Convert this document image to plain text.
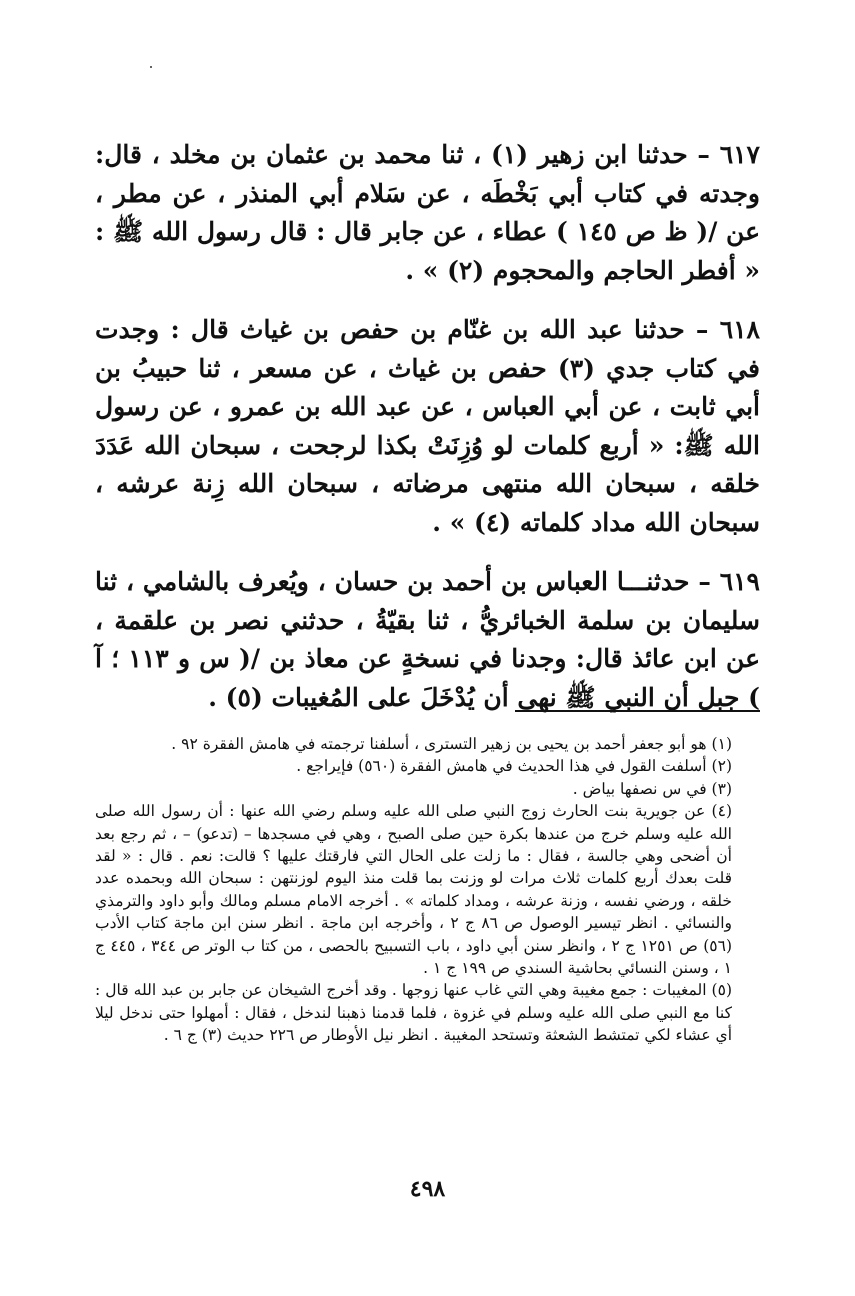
٦١٧ – حدثنا ابن زهير (١) ، ثنا محمد بن عثمان بن مخلد ، قال: وجدته في كتاب أبي بَخْطَه ، عن سَلام أبي المنذر ، عن مطر ، عن /( ظ ص ١٤٥ ) عطاء ، عن جابر قال : قال رسول الله ﷺ : « أفطر الحاجم والمحجوم (٢) » .

٦١٨ – حدثنا عبد الله بن غنّام بن حفص بن غياث قال : وجدت في كتاب جدي (٣) حفص بن غياث ، عن مسعر ، ثنا حبيبُ بن أبي ثابت ، عن أبي العباس ، عن عبد الله بن عمرو ، عن رسول الله ﷺ: « أربع كلمات لو وُزِنَتْ بكذا لرجحت ، سبحان الله عَدَدَ خلقه ، سبحان الله منتهى مرضاته ، سبحان الله زِنة عرشه ، سبحان الله مداد كلماته (٤) » .

٦١٩ – حدثنـــا العباس بن أحمد بن حسان ، ويُعرف بالشامي ، ثنا سليمان بن سلمة الخبائريُّ ، ثنا بقيّةُ ، حدثني نصر بن علقمة ، عن ابن عائذ قال: وجدنا في نسخةٍ عن معاذ بن /( س و ١١٣ ؛ آ ) جبل أن النبي ﷺ نهى أن يُدْخَلَ على المُغيبات (٥) .

(١) هو أبو جعفر أحمد بن يحيى بن زهير التسترى ، أسلفنا ترجمته في هامش الفقرة ٩٢ .

(٢) أسلفت القول في هذا الحديث في هامش الفقرة (٥٦٠) فإيراجع .

(٣) في س نصفها بياض .

(٤) عن جويرية بنت الحارث زوج النبي صلى الله عليه وسلم رضي الله عنها : أن رسول الله صلى الله عليه وسلم خرج من عندها بكرة حين صلى الصبح ، وهي في مسجدها – (تدعو) – ، ثم رجع بعد أن أضحى وهي جالسة ، فقال : ما زلت على الحال التي فارقتك عليها ؟ قالت: نعم . قال : « لقد قلت بعدك أربع كلمات ثلاث مرات لو وزنت بما قلت منذ اليوم لوزنتهن : سبحان الله وبحمده عدد خلقه ، ورضي نفسه ، وزنة عرشه ، ومداد كلماته » . أخرجه الامام مسلم ومالك وأبو داود والترمذي والنسائي . انظر تيسير الوصول ص ٨٦ ج ٢ ، وأخرجه ابن ماجة . انظر سنن ابن ماجة كتاب الأدب (٥٦) ص ١٢٥١ ج ٢ ، وانظر سنن أبي داود ، باب التسبيح بالحصى ، من كتا ب الوتر ص ٣٤٤ ، ٤٤٥ ج ١ ، وسنن النسائي بحاشية السندي ص ١٩٩ ج ١ .

(٥) المغيبات : جمع مغيبة وهي التي غاب عنها زوجها . وقد أخرج الشيخان عن جابر بن عبد الله قال : كنا مع النبي صلى الله عليه وسلم في غزوة ، فلما قدمنا ذهبنا لندخل ، فقال : أمهلوا حتى ندخل ليلا أي عشاء لكي تمتشط الشعثة وتستحد المغيبة . انظر نيل الأوطار ص ٢٢٦ حديث (٣) ج ٦ .

٤٩٨
